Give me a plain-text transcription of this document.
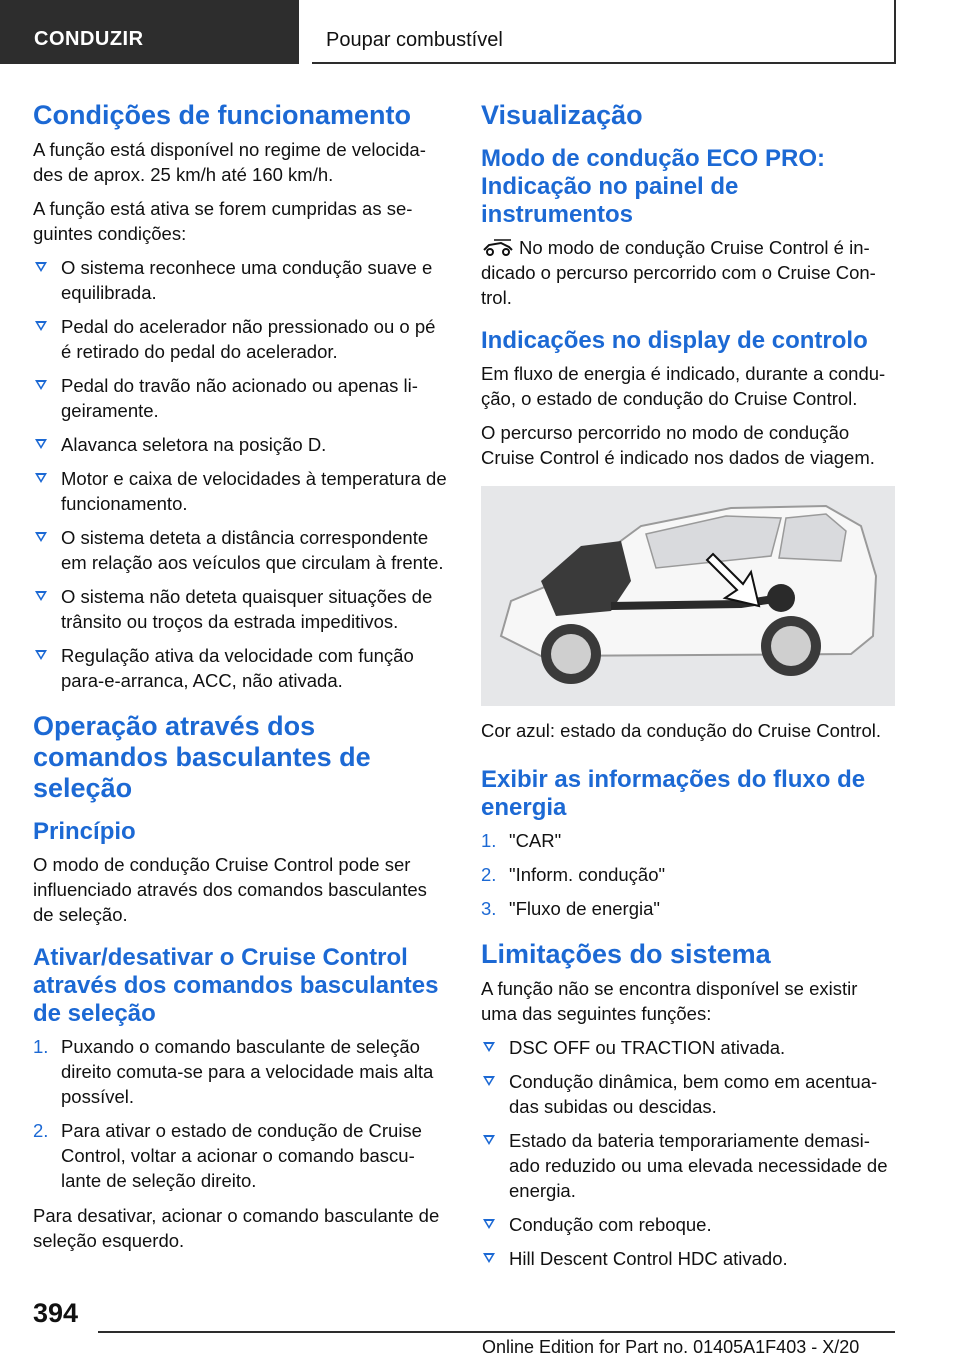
CONDUZIR	Poupar combustível
Condições de funcionamento

A função está disponível no regime de velocida-des de aprox. 25 km/h até 160 km/h.

A função está ativa se forem cumpridas as se-guintes condições:

O sistema reconhece uma condução suave e equilibrada.
Pedal do acelerador não pressionado ou o pé é retirado do pedal do acelerador.
Pedal do travão não acionado ou apenas li-geiramente.
Alavanca seletora na posição D.
Motor e caixa de velocidades à temperatura de funcionamento.
O sistema deteta a distância correspondente em relação aos veículos que circulam à frente.
O sistema não deteta quaisquer situações de trânsito ou troços da estrada impeditivos.
Regulação ativa da velocidade com função para-e-arranca, ACC, não ativada.
Operação através dos comandos basculantes de seleção
Princípio

O modo de condução Cruise Control pode ser influenciado através dos comandos basculantes de seleção.

Ativar/desativar o Cruise Control através dos comandos basculantes de seleção
1. Puxando o comando basculante de seleção direito comuta-se para a velocidade mais alta possível.
2. Para ativar o estado de condução de Cruise Control, voltar a acionar o comando bascu-lante de seleção direito.

Para desativar, acionar o comando basculante de seleção esquerdo.

Visualização
Modo de condução ECO PRO: Indicação no painel de instrumentos

No modo de condução Cruise Control é in-dicado o percurso percorrido com o Cruise Con-trol.

Indicações no display de controlo

Em fluxo de energia é indicado, durante a condu-ção, o estado de condução do Cruise Control.

O percurso percorrido no modo de condução Cruise Control é indicado nos dados de viagem.

Cor azul: estado da condução do Cruise Control.

Exibir as informações do fluxo de energia
1. "CAR"
2. "Inform. condução"
3. "Fluxo de energia"
Limitações do sistema

A função não se encontra disponível se existir uma das seguintes funções:

DSC OFF ou TRACTION ativada.
Condução dinâmica, bem como em acentua-das subidas ou descidas.
Estado da bateria temporariamente demasi-ado reduzido ou uma elevada necessidade de energia.
Condução com reboque.
Hill Descent Control HDC ativado.
394
Online Edition for Part no. 01405A1F403 - X/20
